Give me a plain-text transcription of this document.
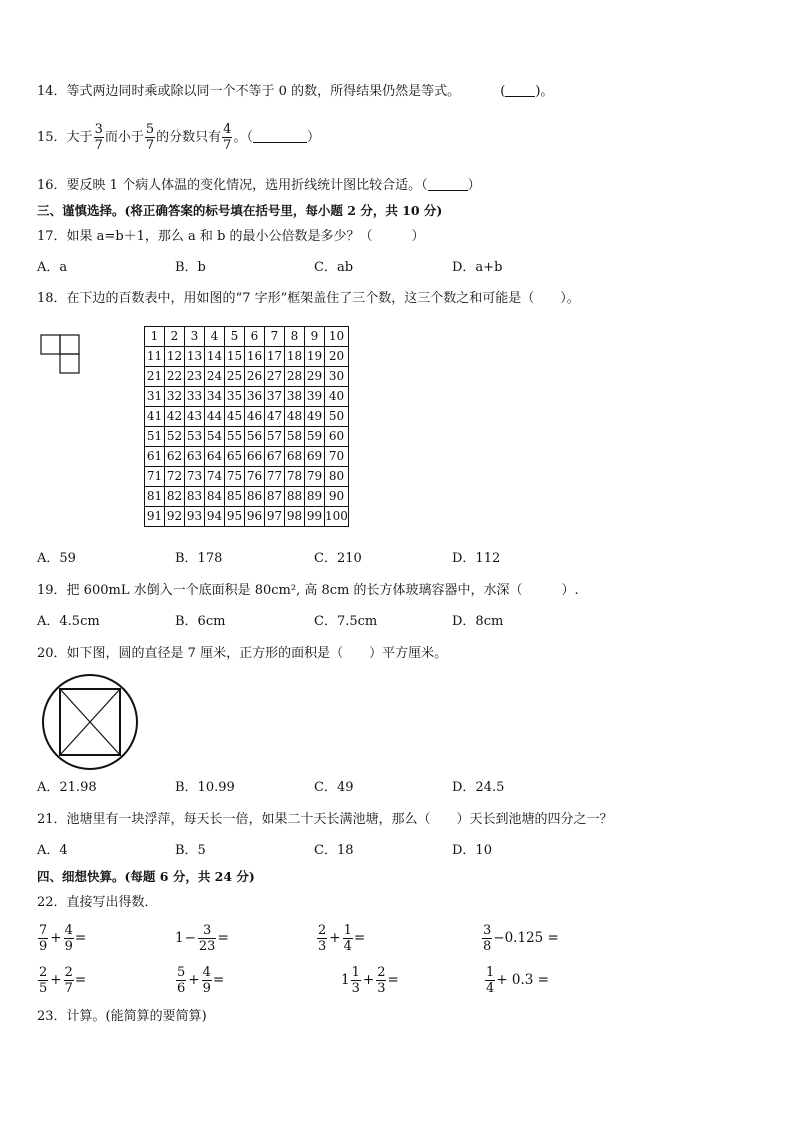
14．等式两边同时乘或除以同一个不等于 0 的数，所得结果仍然是等式。	( )。
15．大于 $\frac{3}{7}$ 而小于 $\frac{5}{7}$ 的分数只有 $\frac{4}{7}$ 。（	）
16．要反映 1 个病人体温的变化情况，选用折线统计图比较合适。（	）
三、谨慎选择。(将正确答案的标号填在括号里，每小题 2 分，共 10 分)
17．如果 a=b＋1，那么 a 和 b 的最小公倍数是多少？（　　　）
A．a	B．b	C．ab	D．a+b
18．在下边的百数表中，用如图的“7 字形”框架盖住了三个数，这三个数之和可能是（　　）。
1	2	3	4	5	6	7	8	9	10
11	12	13	14	15	16	17	18	19	20
21	22	23	24	25	26	27	28	29	30
31	32	33	34	35	36	37	38	39	40
41	42	43	44	45	46	47	48	49	50
51	52	53	54	55	56	57	58	59	60
61	62	63	64	65	66	67	68	69	70
71	72	73	74	75	76	77	78	79	80
81	82	83	84	85	86	87	88	89	90
91	92	93	94	95	96	97	98	99	100
A．59	B．178	C．210	D．112
19．把 600mL 水倒入一个底面积是 80cm², 高 8cm 的长方体玻璃容器中，水深（　　　）.
A．4.5cm	B．6cm	C．7.5cm	D．8cm
20．如下图，圆的直径是 7 厘米，正方形的面积是（　　）平方厘米。
A．21.98	B．10.99	C．49	D．24.5
21．池塘里有一块浮萍，每天长一倍，如果二十天长满池塘，那么（　　）天长到池塘的四分之一？
A．4	B．5	C．18	D．10
四、细想快算。(每题 6 分，共 24 分)
22．直接写出得数．
$\frac{7}{9} + \frac{4}{9}$ =	$1 - \frac{3}{23}$ =	$\frac{2}{3} + \frac{1}{4}$ =	$\frac{3}{8} -0.125$ =
$\frac{2}{5} + \frac{2}{7}$ =	$\frac{5}{6} + \frac{4}{9}$ =	$1 \frac{1}{3} + \frac{2}{3}$ =	$\frac{1}{4} + 0.3$ =
23．计算。(能简算的要简算)
